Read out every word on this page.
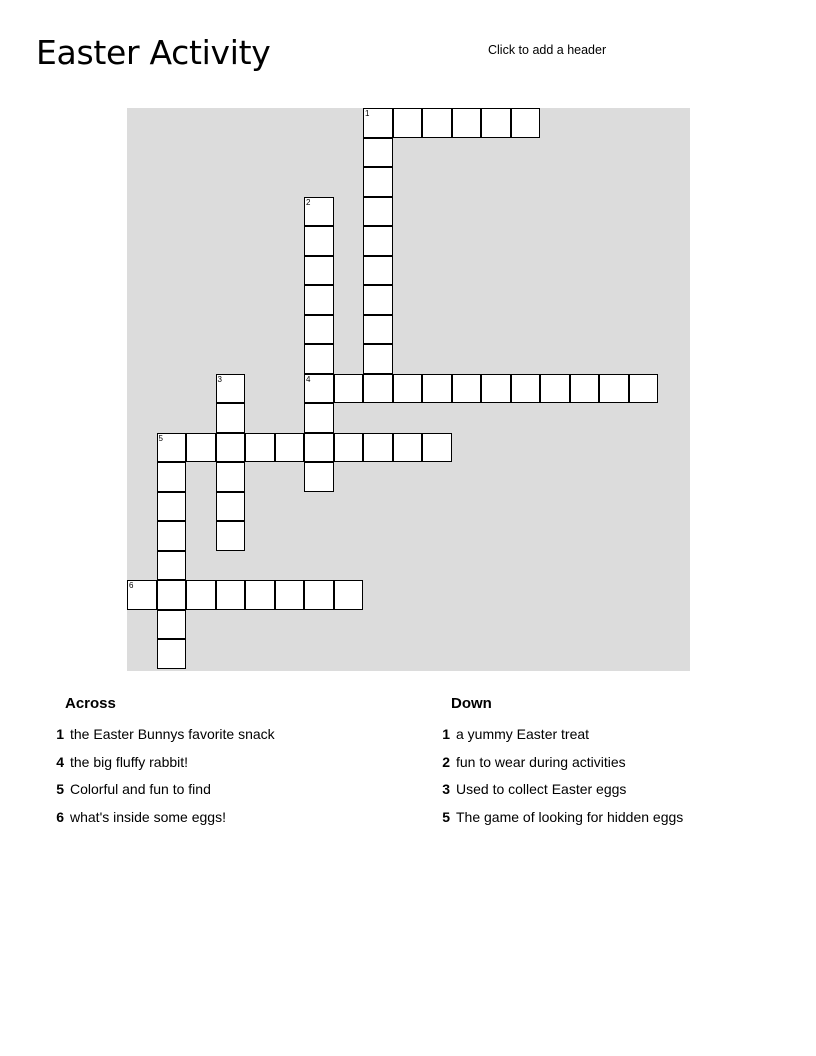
Easter Activity	Click to add a header
1
2
4
3
5
6
Across
1 the Easter Bunnys favorite snack
4 the big fluffy rabbit!
5 Colorful and fun to find
6 what's inside some eggs!
Down
1 a yummy Easter treat
2 fun to wear during activities
3 Used to collect Easter eggs
5 The game of looking for hidden eggs
